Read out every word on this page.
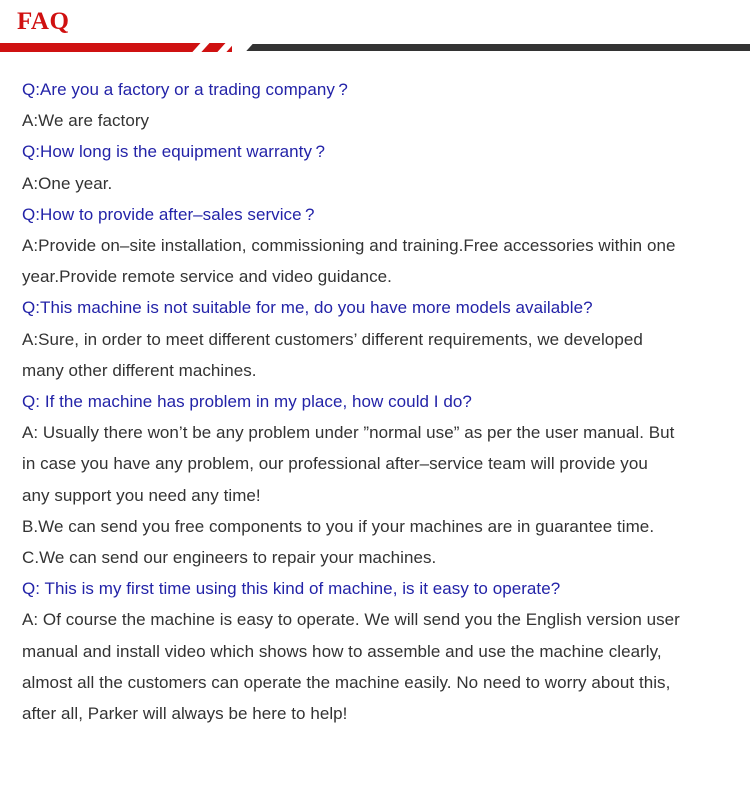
FAQ

Q:Are you a factory or a trading company ?

A:We are factory

Q:How long is the equipment warranty ?

A:One year.

Q:How to provide after–sales service ?

A:Provide on–site installation, commissioning and training.Free accessories within one year.Provide remote service and video guidance.

Q:This machine is not suitable for me, do you have more models available?

A:Sure, in order to meet different customers’ different requirements, we developed many other different machines.

Q: If the machine has problem in my place, how could I do?

A: Usually there won’t be any problem under ”normal use” as per the user manual. But in case you have any problem, our professional after–service team will provide you any support you need any time!

B.We can send you free components to you if your machines are in guarantee time.

C.We can send our engineers to repair your machines.

Q: This is my first time using this kind of machine, is it easy to operate?

A: Of course the machine is easy to operate. We will send you the English version user manual and install video which shows how to assemble and use the machine clearly, almost all the customers can operate the machine easily. No need to worry about this, after all, Parker will always be here to help!
